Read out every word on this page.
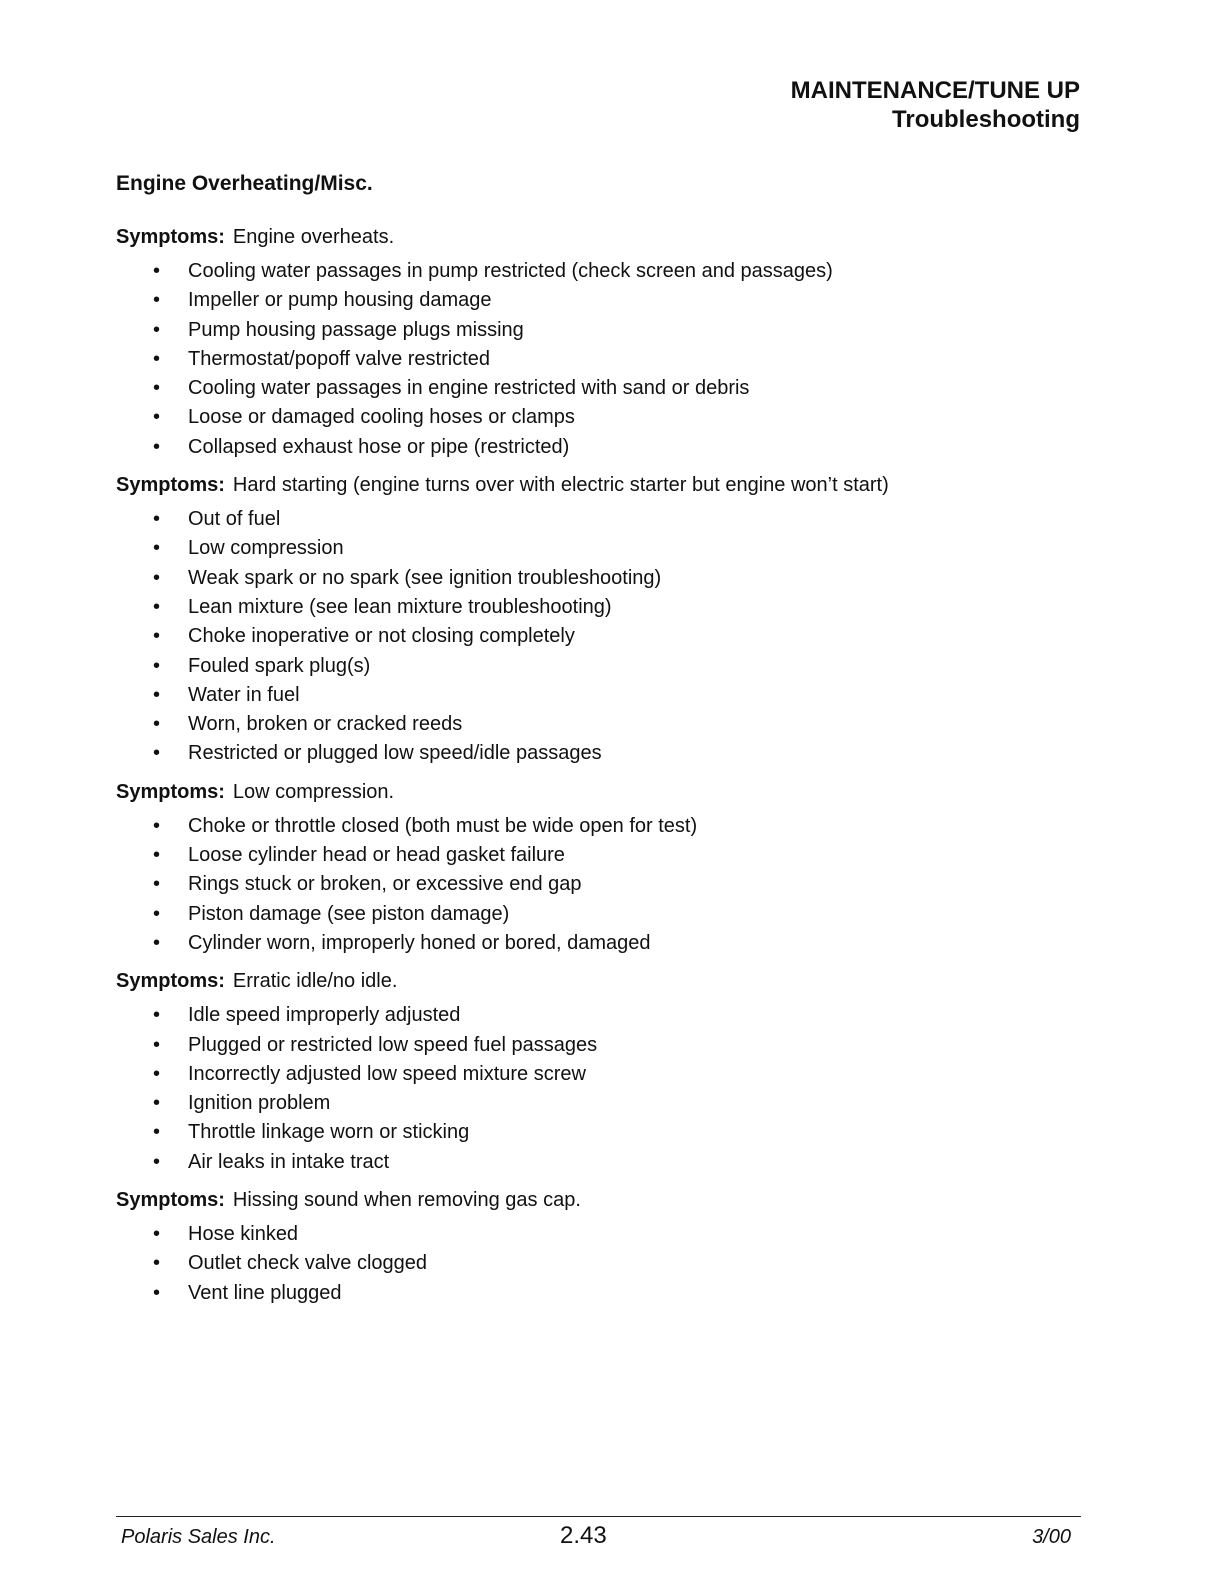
MAINTENANCE/TUNE UP
Troubleshooting
Engine Overheating/Misc.
Symptoms: Engine overheats.
• Cooling water passages in pump restricted (check screen and passages)
• Impeller or pump housing damage
• Pump housing passage plugs missing
• Thermostat/popoff valve restricted
• Cooling water passages in engine restricted with sand or debris
• Loose or damaged cooling hoses or clamps
• Collapsed exhaust hose or pipe (restricted)
Symptoms: Hard starting (engine turns over with electric starter but engine won’t start)
• Out of fuel
• Low compression
• Weak spark or no spark (see ignition troubleshooting)
• Lean mixture (see lean mixture troubleshooting)
• Choke inoperative or not closing completely
• Fouled spark plug(s)
• Water in fuel
• Worn, broken or cracked reeds
• Restricted or plugged low speed/idle passages
Symptoms: Low compression.
• Choke or throttle closed (both must be wide open for test)
• Loose cylinder head or head gasket failure
• Rings stuck or broken, or excessive end gap
• Piston damage (see piston damage)
• Cylinder worn, improperly honed or bored, damaged
Symptoms: Erratic idle/no idle.
• Idle speed improperly adjusted
• Plugged or restricted low speed fuel passages
• Incorrectly adjusted low speed mixture screw
• Ignition problem
• Throttle linkage worn or sticking
• Air leaks in intake tract
Symptoms: Hissing sound when removing gas cap.
• Hose kinked
• Outlet check valve clogged
• Vent line plugged
Polaris Sales Inc.	2.43	3/00
